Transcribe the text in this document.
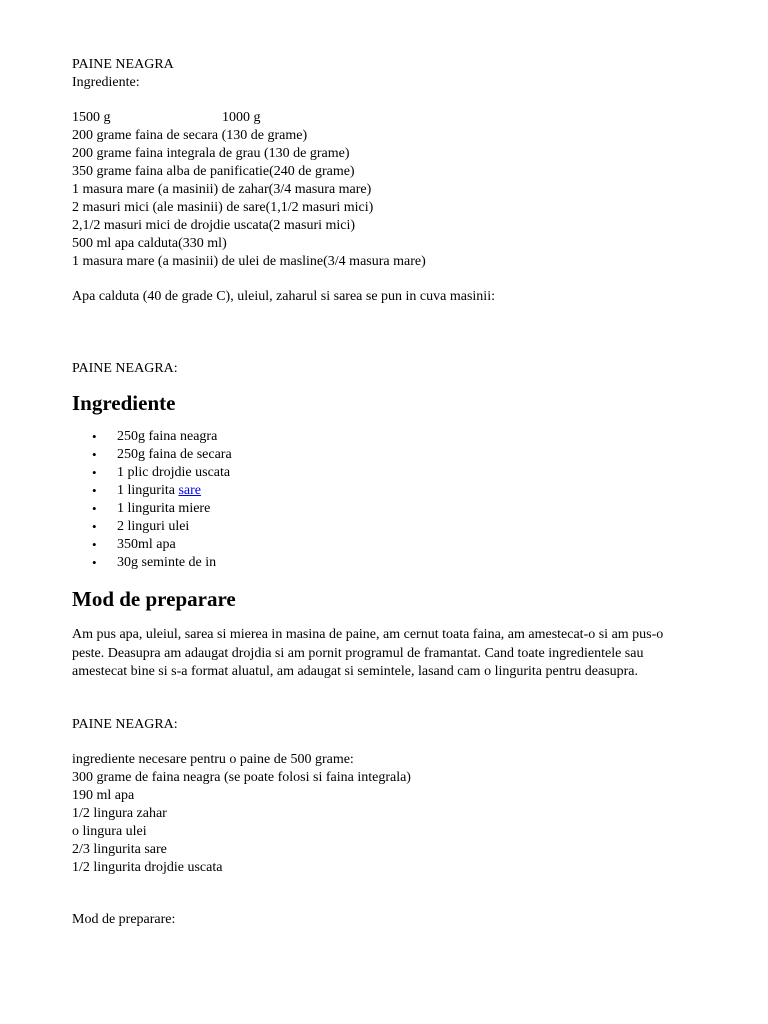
PAINE NEAGRA

Ingrediente:

1500 g	1000 g

200 grame faina de secara (130 de grame)

200 grame faina integrala de grau (130 de grame)

350 grame faina alba de panificatie(240 de grame)

1 masura mare (a masinii) de zahar(3/4 masura mare)

2 masuri mici (ale masinii) de sare(1,1/2 masuri mici)

2,1/2 masuri mici de drojdie uscata(2 masuri mici)

500 ml apa calduta(330 ml)

1 masura mare (a masinii) de ulei de masline(3/4 masura mare)

Apa calduta (40 de grade C), uleiul, zaharul si sarea se pun in cuva masinii:

PAINE NEAGRA:

Ingrediente
• 250g faina neagra
• 250g faina de secara
• 1 plic drojdie uscata
• 1 lingurita sare
• 1 lingurita miere
• 2 linguri ulei
• 350ml apa
• 30g seminte de in
Mod de preparare

Am pus apa, uleiul, sarea si mierea in masina de paine, am cernut toata faina, am amestecat-o si am pus-o peste. Deasupra am adaugat drojdia si am pornit programul de framantat. Cand toate ingredientele sau amestecat bine si s-a format aluatul, am adaugat si semintele, lasand cam o lingurita pentru deasupra.

PAINE NEAGRA:

ingrediente necesare pentru o paine de 500 grame:

300 grame de faina neagra (se poate folosi si faina integrala)

190 ml apa

1/2 lingura zahar

o lingura ulei

2/3 lingurita sare

1/2 lingurita drojdie uscata

Mod de preparare:
